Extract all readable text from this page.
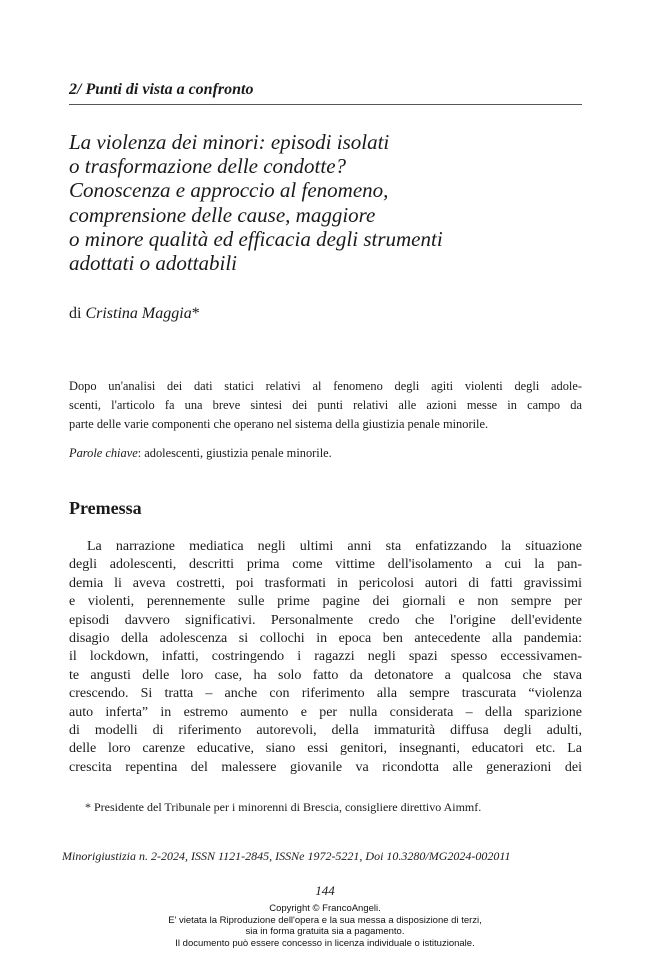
2/ Punti di vista a confronto
La violenza dei minori: episodi isolati
o trasformazione delle condotte?
Conoscenza e approccio al fenomeno,
comprensione delle cause, maggiore
o minore qualità ed efficacia degli strumenti
adottati o adottabili
di Cristina Maggia*
Dopo un'analisi dei dati statici relativi al fenomeno degli agiti violenti degli adole-
scenti, l'articolo fa una breve sintesi dei punti relativi alle azioni messe in campo da
parte delle varie componenti che operano nel sistema della giustizia penale minorile.
Parole chiave: adolescenti, giustizia penale minorile.
Premessa
La narrazione mediatica negli ultimi anni sta enfatizzando la situazione
degli adolescenti, descritti prima come vittime dell'isolamento a cui la pan-
demia li aveva costretti, poi trasformati in pericolosi autori di fatti gravissimi
e violenti, perennemente sulle prime pagine dei giornali e non sempre per
episodi davvero significativi. Personalmente credo che l'origine dell'evidente
disagio della adolescenza si collochi in epoca ben antecedente alla pandemia:
il lockdown, infatti, costringendo i ragazzi negli spazi spesso eccessivamen-
te angusti delle loro case, ha solo fatto da detonatore a qualcosa che stava
crescendo. Si tratta – anche con riferimento alla sempre trascurata “violenza
auto inferta” in estremo aumento e per nulla considerata – della sparizione
di modelli di riferimento autorevoli, della immaturità diffusa degli adulti,
delle loro carenze educative, siano essi genitori, insegnanti, educatori etc. La
crescita repentina del malessere giovanile va ricondotta alle generazioni dei
* Presidente del Tribunale per i minorenni di Brescia, consigliere direttivo Aimmf.
Minorigiustizia n. 2-2024, ISSN 1121-2845, ISSNe 1972-5221, Doi 10.3280/MG2024-002011
144
Copyright © FrancoAngeli.
E' vietata la Riproduzione dell'opera e la sua messa a disposizione di terzi,
sia in forma gratuita sia a pagamento.
Il documento può essere concesso in licenza individuale o istituzionale.
